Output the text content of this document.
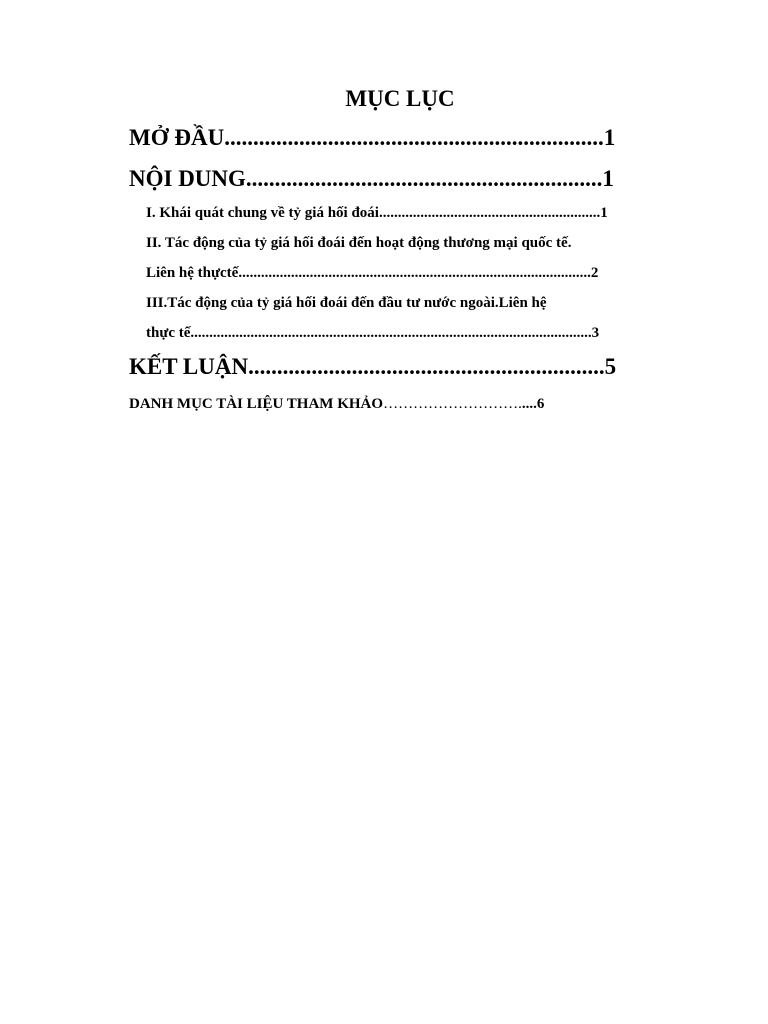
MỤC LỤC
MỞ ĐẦU..................................................................1
NỘI DUNG..............................................................1
I. Khái quát chung về tỷ giá hối đoái...........................................................1
II. Tác động của tỷ giá hối đoái đến hoạt động thương mại quốc tế.
Liên hệ thựctế..............................................................................................2
III.Tác động của tỷ giá hối đoái đến đầu tư nước ngoài.Liên hệ
thực tế...........................................................................................................3
KẾT LUẬN..............................................................5
DANH MỤC TÀI LIỆU THAM KHẢO……………………….....6
